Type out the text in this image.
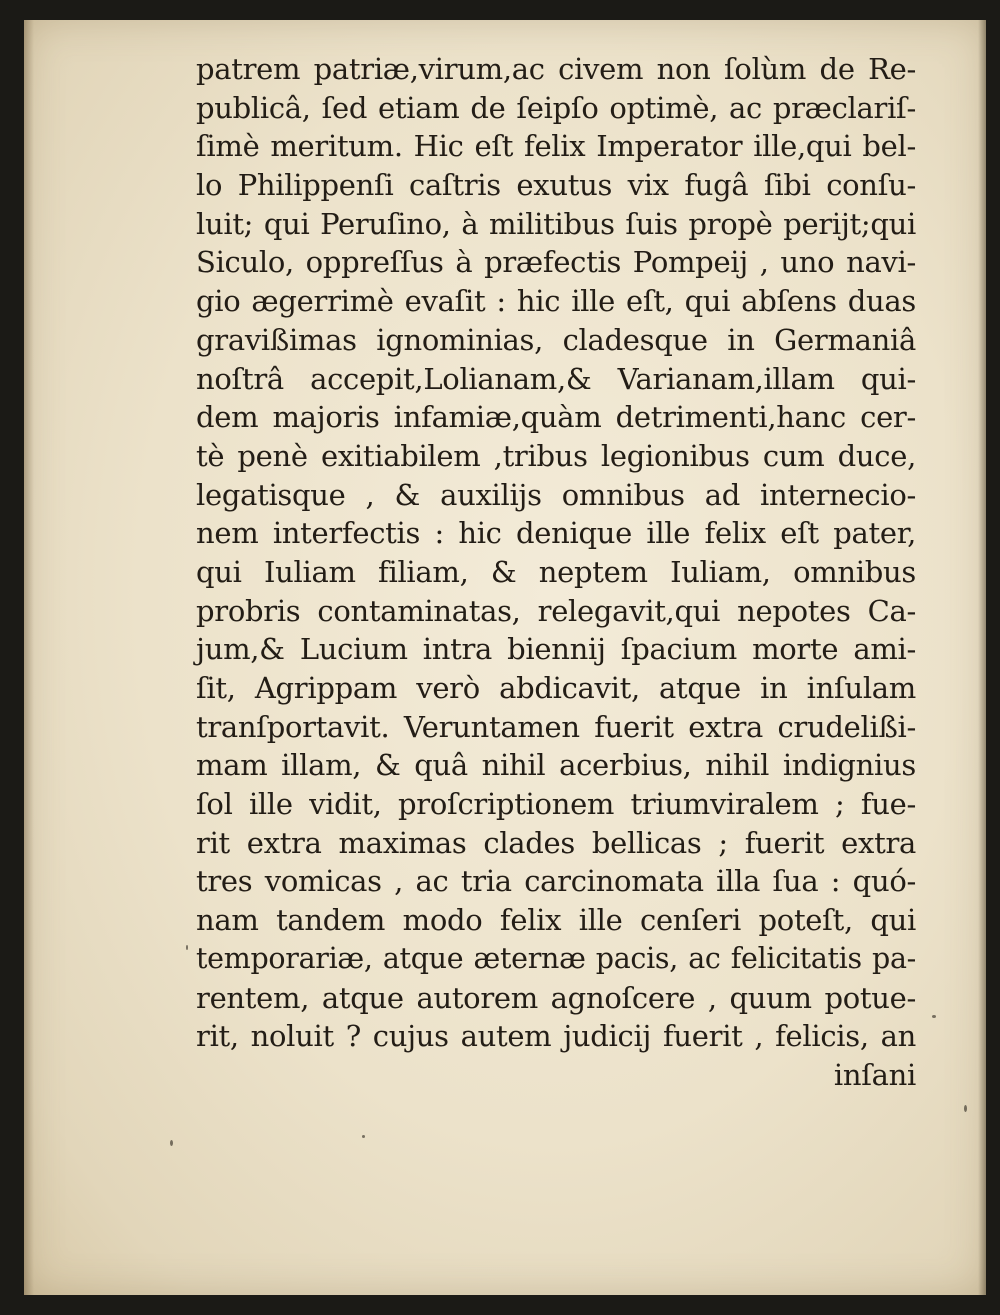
patrem patriæ,virum,ac civem non ſolùm de Re-
publicâ, ſed etiam de ſeipſo optimè, ac præclariſ-
ſimè meritum. Hic eſt felix Imperator ille,qui bel-
lo Philippenſi caſtris exutus vix fugâ ſibi conſu-
luit; qui Peruſino, à militibus ſuis propè perijt;qui
Siculo, oppreſſus à præfectis Pompeij , uno navi-
gio ægerrimè evaſit : hic ille eſt, qui abſens duas
gravißimas ignominias, cladesque in Germaniâ
noſtrâ accepit,Lolianam,& Varianam,illam qui-
dem majoris infamiæ,quàm detrimenti,hanc cer-
tè penè exitiabilem ,tribus legionibus cum duce,
legatisque , & auxilijs omnibus ad internecio-
nem interfectis : hic denique ille felix eſt pater,
qui Iuliam filiam, & neptem Iuliam, omnibus
probris contaminatas, relegavit,qui nepotes Ca-
jum,& Lucium intra biennij ſpacium morte ami-
ſit, Agrippam verò abdicavit, atque in inſulam
tranſportavit. Veruntamen fuerit extra crudelißi-
mam illam, & quâ nihil acerbius, nihil indignius
ſol ille vidit, proſcriptionem triumviralem ; fue-
rit extra maximas clades bellicas ; fuerit extra
tres vomicas , ac tria carcinomata illa ſua : quó-
nam tandem modo felix ille cenſeri poteſt, qui
temporariæ, atque æternæ pacis, ac felicitatis pa-
rentem, atque autorem agnoſcere , quum potue-
rit, noluit ? cujus autem judicij fuerit , felicis, an
inſani
